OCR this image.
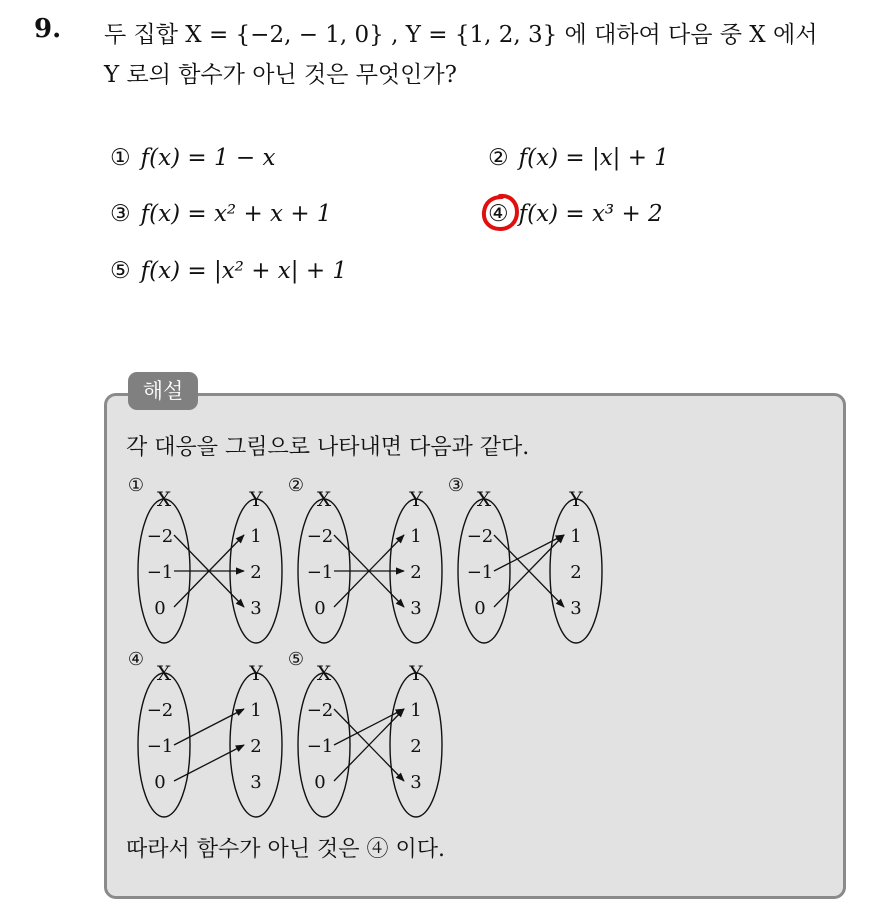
9. 두 집합 X = {−2, − 1, 0} , Y = {1, 2, 3} 에 대하여 다음 중 X 에서
Y 로의 함수가 아닌 것은 무엇인가?
① f(x) = 1 − x	② f(x) = |x| + 1
③ f(x) = x² + x + 1	④ f(x) = x³ + 2
⑤ f(x) = |x² + x| + 1
해설
각 대응을 그림으로 나타내면 다음과 같다.
따라서 함수가 아닌 것은 ④ 이다.
①
X	Y
−2
−1
0
1
2
3
②
X	Y
−2
−1
0
1
2
3
③
X	Y
−2
−1
0
1
2
3
④
X	Y
−2
−1
0
1
2
3
⑤
X	Y
−2
−1
0
1
2
3
